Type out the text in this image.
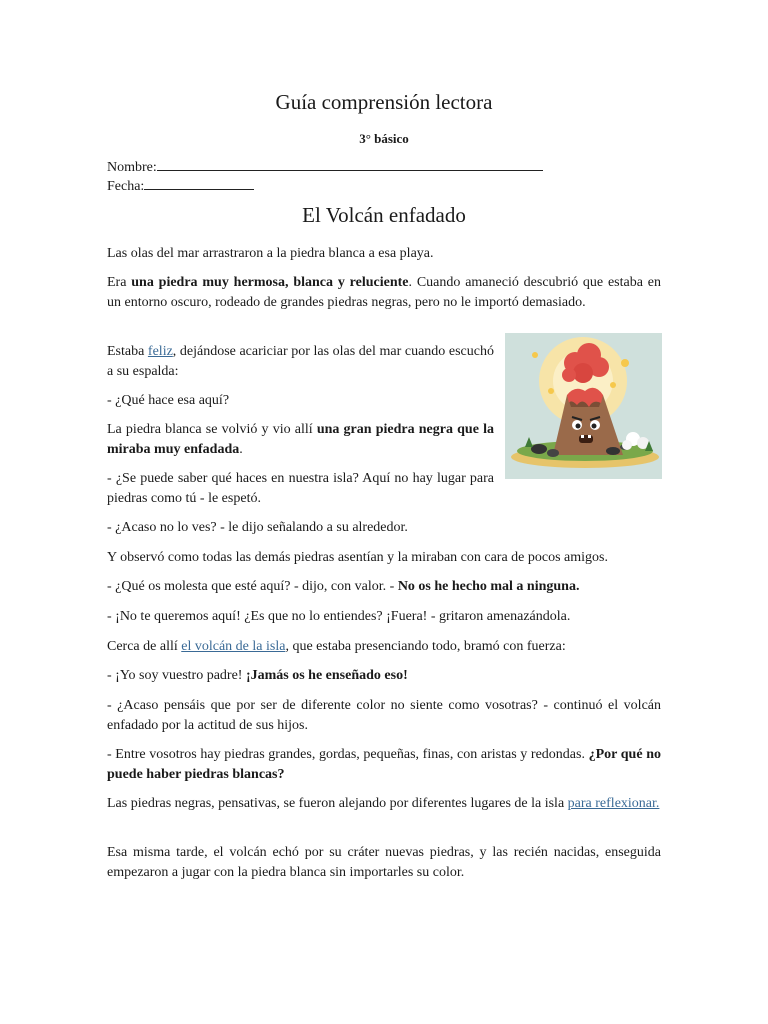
Guía comprensión lectora

3° básico

Nombre:

Fecha:

El Volcán enfadado

Las olas del mar arrastraron a la piedra blanca a esa playa.

Era una piedra muy hermosa, blanca y reluciente. Cuando amaneció descubrió que estaba en un entorno oscuro, rodeado de grandes piedras negras, pero no le importó demasiado.

Estaba feliz, dejándose acariciar por las olas del mar cuando escuchó a su espalda:

- ¿Qué hace esa aquí?

La piedra blanca se volvió y vio allí una gran piedra negra que la miraba muy enfadada.

- ¿Se puede saber qué haces en nuestra isla? Aquí no hay lugar para piedras como tú - le espetó.

- ¿Acaso no lo ves? - le dijo señalando a su alrededor.

Y observó como todas las demás piedras asentían y la miraban con cara de pocos amigos.

- ¿Qué os molesta que esté aquí? - dijo, con valor. - No os he hecho mal a ninguna.

- ¡No te queremos aquí! ¿Es que no lo entiendes? ¡Fuera! - gritaron amenazándola.

Cerca de allí el volcán de la isla, que estaba presenciando todo, bramó con fuerza:

- ¡Yo soy vuestro padre! ¡Jamás os he enseñado eso!

- ¿Acaso pensáis que por ser de diferente color no siente como vosotras? - continuó el volcán enfadado por la actitud de sus hijos.

- Entre vosotros hay piedras grandes, gordas, pequeñas, finas, con aristas y redondas. ¿Por qué no puede haber piedras blancas?

Las piedras negras, pensativas, se fueron alejando por diferentes lugares de la isla para reflexionar.

Esa misma tarde, el volcán echó por su cráter nuevas piedras, y las recién nacidas, enseguida empezaron a jugar con la piedra blanca sin importarles su color.
